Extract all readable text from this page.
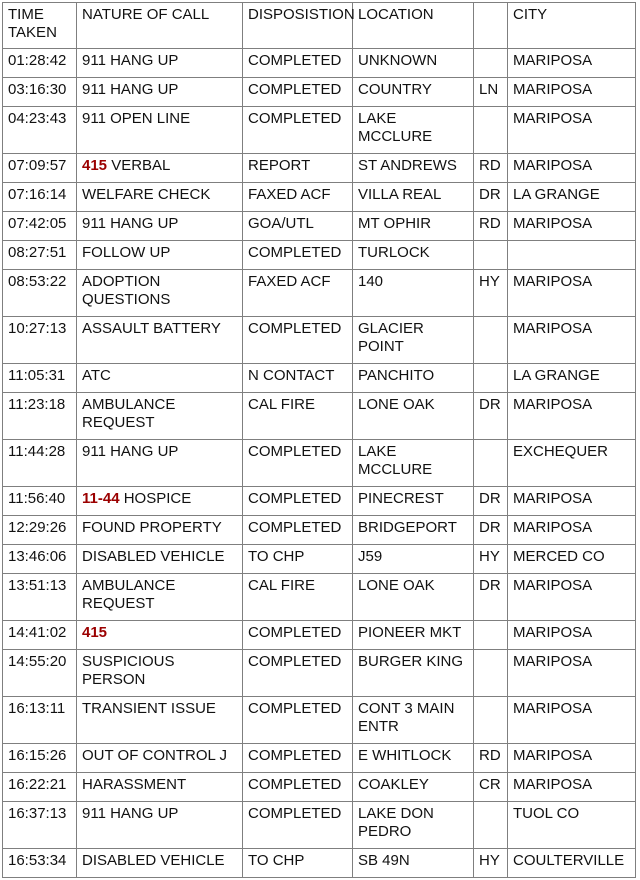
TIME TAKEN	NATURE OF CALL	DISPOSISTION	LOCATION		CITY
01:28:42	911 HANG UP	COMPLETED	UNKNOWN		MARIPOSA
03:16:30	911 HANG UP	COMPLETED	COUNTRY	LN	MARIPOSA
04:23:43	911 OPEN LINE	COMPLETED	LAKE MCCLURE		MARIPOSA
07:09:57	415 VERBAL	REPORT	ST ANDREWS	RD	MARIPOSA
07:16:14	WELFARE CHECK	FAXED ACF	VILLA REAL	DR	LA GRANGE
07:42:05	911 HANG UP	GOA/UTL	MT OPHIR	RD	MARIPOSA
08:27:51	FOLLOW UP	COMPLETED	TURLOCK		
08:53:22	ADOPTION QUESTIONS	FAXED ACF	140	HY	MARIPOSA
10:27:13	ASSAULT BATTERY	COMPLETED	GLACIER POINT		MARIPOSA
11:05:31	ATC	N CONTACT	PANCHITO		LA GRANGE
11:23:18	AMBULANCE REQUEST	CAL FIRE	LONE OAK	DR	MARIPOSA
11:44:28	911 HANG UP	COMPLETED	LAKE MCCLURE		EXCHEQUER
11:56:40	11-44 HOSPICE	COMPLETED	PINECREST	DR	MARIPOSA
12:29:26	FOUND PROPERTY	COMPLETED	BRIDGEPORT	DR	MARIPOSA
13:46:06	DISABLED VEHICLE	TO CHP	J59	HY	MERCED CO
13:51:13	AMBULANCE REQUEST	CAL FIRE	LONE OAK	DR	MARIPOSA
14:41:02	415	COMPLETED	PIONEER MKT		MARIPOSA
14:55:20	SUSPICIOUS PERSON	COMPLETED	BURGER KING		MARIPOSA
16:13:11	TRANSIENT ISSUE	COMPLETED	CONT 3 MAIN ENTR		MARIPOSA
16:15:26	OUT OF CONTROL J	COMPLETED	E WHITLOCK	RD	MARIPOSA
16:22:21	HARASSMENT	COMPLETED	COAKLEY	CR	MARIPOSA
16:37:13	911 HANG UP	COMPLETED	LAKE DON PEDRO		TUOL CO
16:53:34	DISABLED VEHICLE	TO CHP	SB 49N	HY	COULTERVILLE
